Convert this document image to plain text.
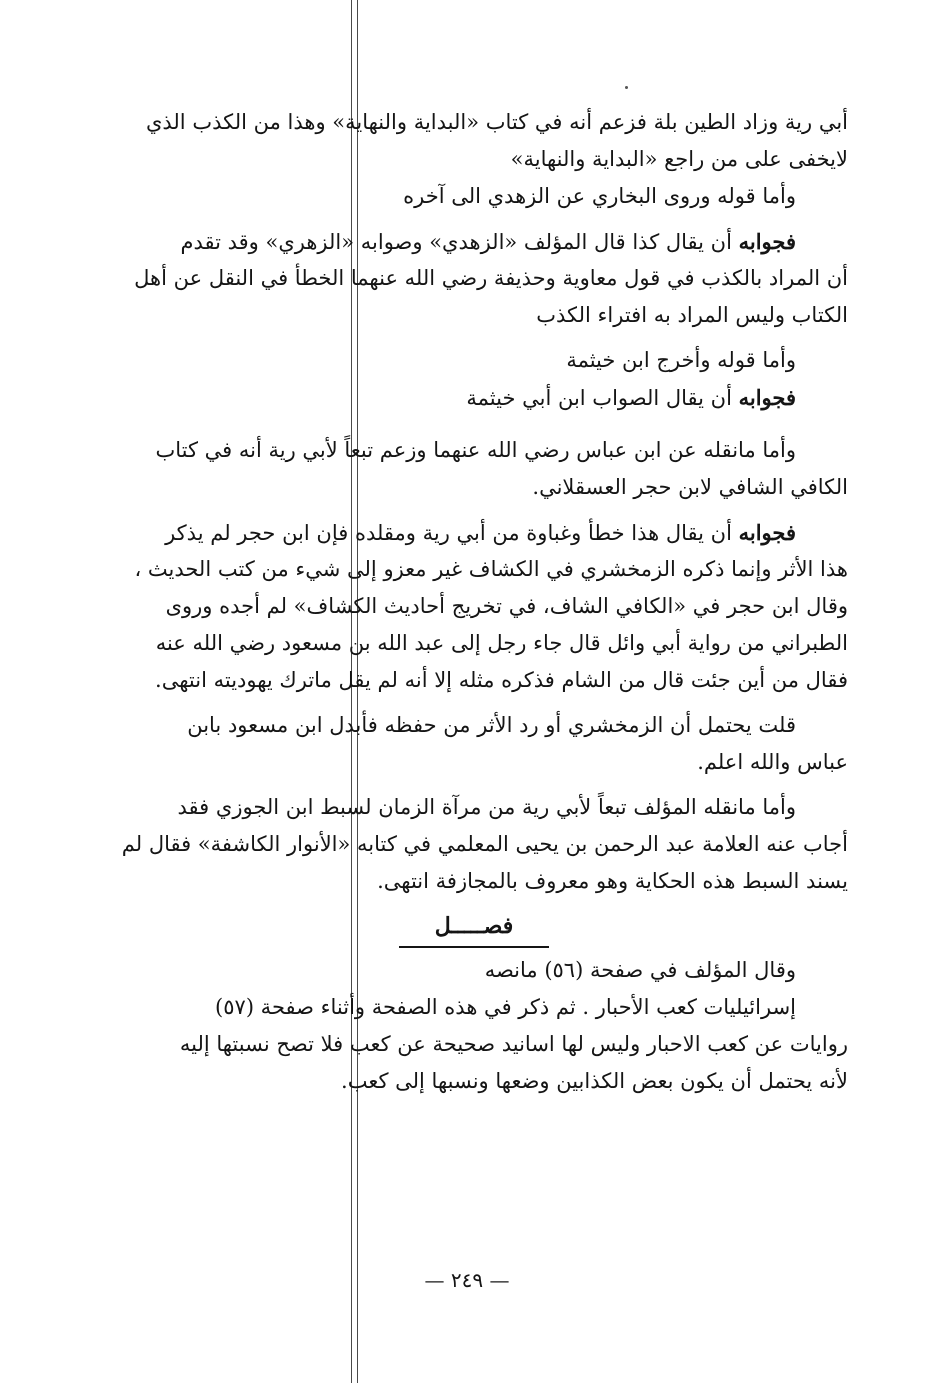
أبي رية وزاد الطين بلة فزعم أنه في كتاب «البداية والنهاية» وهذا من الكذب الذي
لايخفى على من راجع «البداية والنهاية»
وأما قوله وروى البخاري عن الزهدي الى آخره
فجوابه أن يقال كذا قال المؤلف «الزهدي» وصوابه «الزهري» وقد تقدم
أن المراد بالكذب في قول معاوية وحذيفة رضي الله عنهما الخطأ في النقل عن أهل
الكتاب وليس المراد به افتراء الكذب
وأما قوله وأخرج ابن خيثمة
فجوابه أن يقال الصواب ابن أبي خيثمة
وأما مانقله عن ابن عباس رضي الله عنهما وزعم تبعاً لأبي رية أنه في كتاب
الكافي الشافي لابن حجر العسقلاني.
فجوابه أن يقال هذا خطأ وغباوة من أبي رية ومقلده فإن ابن حجر لم يذكر
هذا الأثر وإنما ذكره الزمخشري في الكشاف غير معزو إلى شيء من كتب الحديث ،
وقال ابن حجر في «الكافي الشاف، في تخريج أحاديث الكشاف» لم أجده وروى
الطبراني من رواية أبي وائل قال جاء رجل إلى عبد الله بن مسعود رضي الله عنه
فقال من أين جئت قال من الشام فذكره مثله إلا أنه لم يقل ماترك يهوديته انتهى.
قلت يحتمل أن الزمخشري أو رد الأثر من حفظه فأبدل ابن مسعود بابن
عباس والله اعلم.
وأما مانقله المؤلف تبعاً لأبي رية من مرآة الزمان لسبط ابن الجوزي فقد
أجاب عنه العلامة عبد الرحمن بن يحيى المعلمي في كتابه «الأنوار الكاشفة» فقال لم
يسند السبط هذه الحكاية وهو معروف بالمجازفة انتهى.
فصـــــل
وقال المؤلف في صفحة (٥٦) مانصه
إسرائيليات كعب الأحبار . ثم ذكر في هذه الصفحة وأثناء صفحة (٥٧)
روايات عن كعب الاحبار وليس لها اسانيد صحيحة عن كعب فلا تصح نسبتها إليه
لأنه يحتمل أن يكون بعض الكذابين وضعها ونسبها إلى كعب.
— ٢٤٩ —
